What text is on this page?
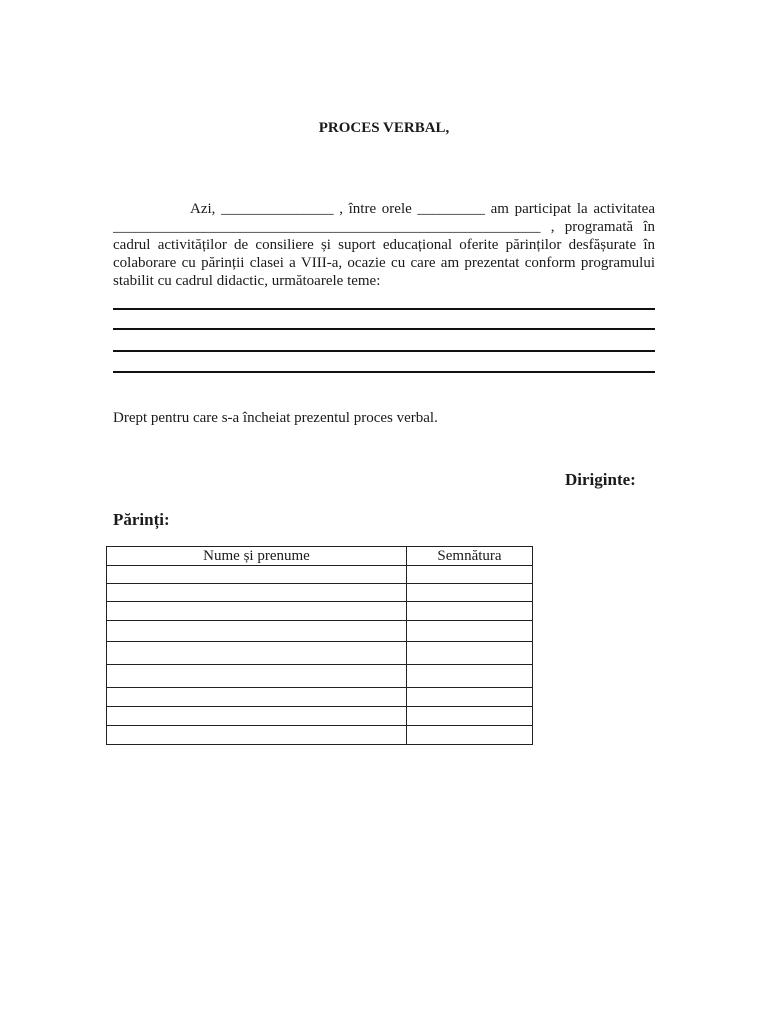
PROCES VERBAL,
Azi, _______________ , între orele _________ am participat la activitatea
_________________________________________________________ , programată în
cadrul activităților de consiliere și suport educațional oferite părinților desfășurate în
colaborare cu părinții clasei a VIII-a, ocazie cu care am prezentat conform programului
stabilit cu cadrul didactic, următoarele teme:
Drept pentru care s-a încheiat prezentul proces verbal.
Diriginte:
Părinți:
Nume și prenume	Semnătura
